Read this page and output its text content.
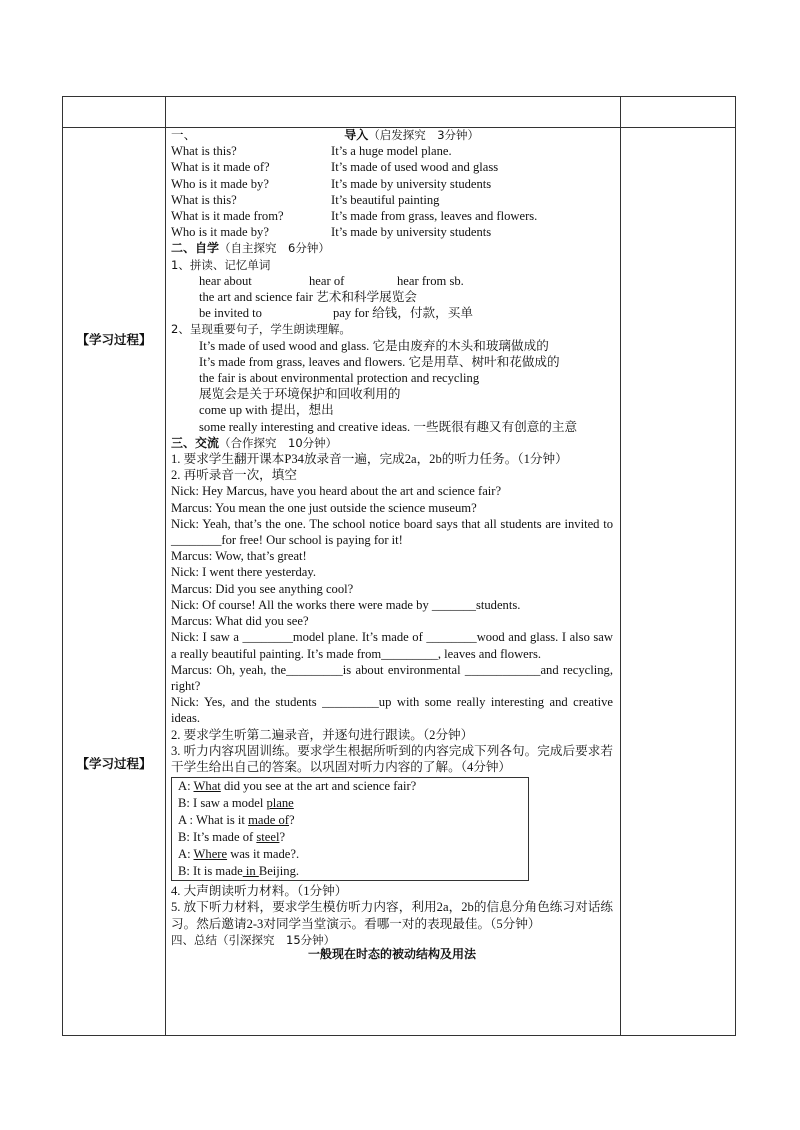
【学习过程】
【学习过程】
一、	导入（启发探究　3分钟）
What is this?	It’s a huge model plane.
What is it made of?	It’s made of used wood and glass
Who is it made by?	It’s made by university students
What is this?	It’s beautiful painting
What is it made from?	It’s made from grass, leaves and flowers.
Who is it made by?	It’s made by university students
二、自学（自主探究　6分钟）
1、拼读、记忆单词
hear about	hear of	hear from sb.
the art and science fair 艺术和科学展览会
be invited to	pay for 给钱，付款，买单
2、呈现重要句子，学生朗读理解。
It’s made of used wood and glass. 它是由废弃的木头和玻璃做成的
It’s made from grass, leaves and flowers. 它是用草、树叶和花做成的
the fair is about environmental protection and recycling
展览会是关于环境保护和回收利用的
come up with 提出，想出
some really interesting and creative ideas. 一些既很有趣又有创意的主意
三、交流（合作探究　10分钟）
1. 要求学生翻开课本P34放录音一遍，完成2a，2b的听力任务。（1分钟）
2. 再听录音一次，填空
Nick: Hey Marcus, have you heard about the art and science fair?
Marcus: You mean the one just outside the science museum?
Nick: Yeah, that’s the one. The school notice board says that all students are invited to ________for free! Our school is paying for it!
Marcus: Wow, that’s great!
Nick: I went there yesterday.
Marcus: Did you see anything cool?
Nick: Of course! All the works there were made by _______students.
Marcus: What did you see?
Nick: I saw a ________model plane. It’s made of ________wood and glass. I also saw a really beautiful painting. It’s made from_________, leaves and flowers.
Marcus: Oh, yeah, the_________is about environmental ____________and recycling, right?
Nick: Yes, and the students _________up with some really interesting and creative ideas.
2. 要求学生听第二遍录音，并逐句进行跟读。（2分钟）
3. 听力内容巩固训练。要求学生根据所听到的内容完成下列各句。完成后要求若干学生给出自己的答案。以巩固对听力内容的了解。（4分钟）
A: What did you see at the art and science fair?
B: I saw a model plane
A : What is it made of?
B: It’s made of steel?
A: Where was it made?.
B: It is made in Beijing.
4. 大声朗读听力材料。（1分钟）
5. 放下听力材料，要求学生模仿听力内容，利用2a，2b的信息分角色练习对话练习。然后邀请2-3对同学当堂演示。看哪一对的表现最佳。（5分钟）
四、总结（引深探究　15分钟）
一般现在时态的被动结构及用法
